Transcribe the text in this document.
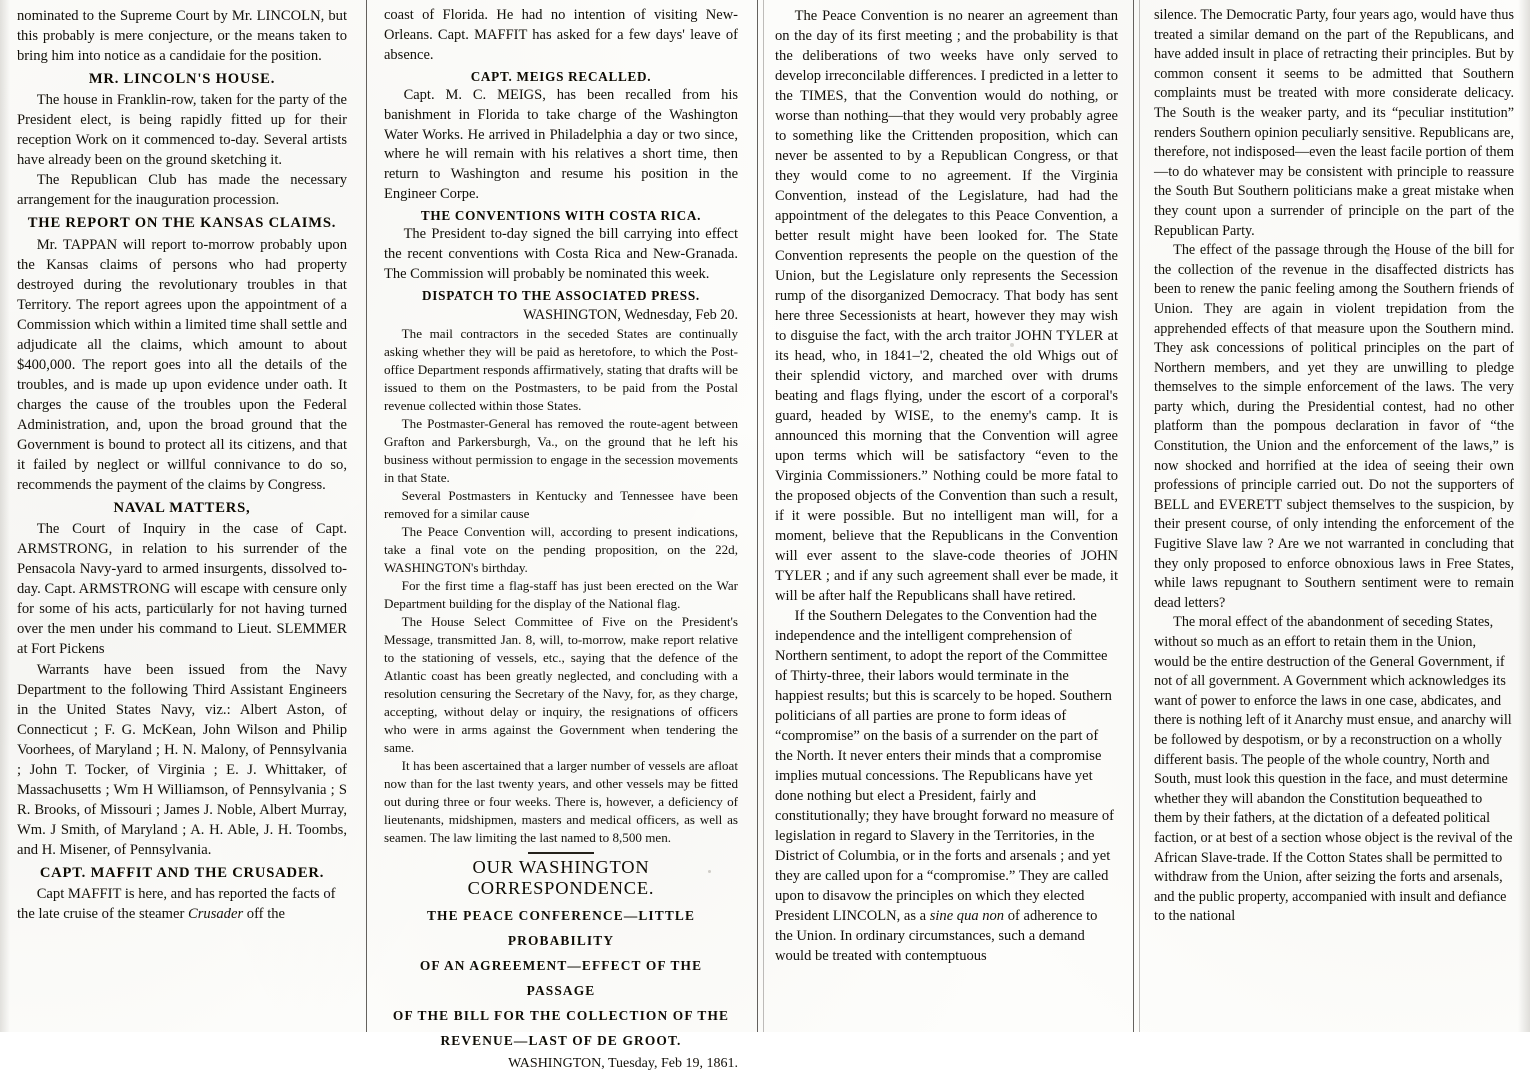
nominated to the Supreme Court by Mr. LINCOLN, but this probably is mere conjecture, or the means taken to bring him into notice as a candidaie for the position.

MR. LINCOLN'S HOUSE.

The house in Franklin-row, taken for the party of the President elect, is being rapidly fitted up for their reception Work on it commenced to-day. Several artists have already been on the ground sketching it.

The Republican Club has made the necessary arrangement for the inauguration procession.

THE REPORT ON THE KANSAS CLAIMS.

Mr. TAPPAN will report to-morrow probably upon the Kansas claims of persons who had property destroyed during the revolutionary troubles in that Territory. The report agrees upon the appointment of a Commission which within a limited time shall settle and adjudicate all the claims, which amount to about $400,000. The report goes into all the details of the troubles, and is made up upon evidence under oath. It charges the cause of the troubles upon the Federal Administration, and, upon the broad ground that the Government is bound to protect all its citizens, and that it failed by neglect or willful connivance to do so, recommends the payment of the claims by Congress.

NAVAL MATTERS,

The Court of Inquiry in the case of Capt. ARMSTRONG, in relation to his surrender of the Pensacola Navy-yard to armed insurgents, dissolved to-day. Capt. ARMSTRONG will escape with censure only for some of his acts, particularly for not having turned over the men under his command to Lieut. SLEMMER at Fort Pickens

Warrants have been issued from the Navy Department to the following Third Assistant Engineers in the United States Navy, viz.: Albert Aston, of Connecticut ; F. G. McKean, John Wilson and Philip Voorhees, of Maryland ; H. N. Malony, of Pennsylvania ; John T. Tocker, of Virginia ; E. J. Whittaker, of Massachusetts ; Wm H Williamson, of Pennsylvania ; S R. Brooks, of Missouri ; James J. Noble, Albert Murray, Wm. J Smith, of Maryland ; A. H. Able, J. H. Toombs, and H. Misener, of Pennsylvania.

CAPT. MAFFIT AND THE CRUSADER.

Capt MAFFIT is here, and has reported the facts of the late cruise of the steamer Crusader off the

coast of Florida. He had no intention of visiting New-Orleans. Capt. MAFFIT has asked for a few days' leave of absence.

CAPT. MEIGS RECALLED.

Capt. M. C. MEIGS, has been recalled from his banishment in Florida to take charge of the Washington Water Works. He arrived in Philadelphia a day or two since, where he will remain with his relatives a short time, then return to Washington and resume his position in the Engineer Corpe.

THE CONVENTIONS WITH COSTA RICA.

The President to-day signed the bill carrying into effect the recent conventions with Costa Rica and New-Granada. The Commission will probably be nominated this week.

DISPATCH TO THE ASSOCIATED PRESS.
WASHINGTON, Wednesday, Feb 20.

The mail contractors in the seceded States are continually asking whether they will be paid as heretofore, to which the Post-office Department responds affirmatively, stating that drafts will be issued to them on the Postmasters, to be paid from the Postal revenue collected within those States.

The Postmaster-General has removed the route-agent between Grafton and Parkersburgh, Va., on the ground that he left his business without permission to engage in the secession movements in that State.

Several Postmasters in Kentucky and Tennessee have been removed for a similar cause

The Peace Convention will, according to present indications, take a final vote on the pending proposition, on the 22d, WASHINGTON's birthday.

For the first time a flag-staff has just been erected on the War Department building for the display of the National flag.

The House Select Committee of Five on the President's Message, transmitted Jan. 8, will, to-morrow, make report relative to the stationing of vessels, etc., saying that the defence of the Atlantic coast has been greatly neglected, and concluding with a resolution censuring the Secretary of the Navy, for, as they charge, accepting, without delay or inquiry, the resignations of officers who were in arms against the Government when tendering the same.

It has been ascertained that a larger number of vessels are afloat now than for the last twenty years, and other vessels may be fitted out during three or four weeks. There is, however, a deficiency of lieutenants, midshipmen, masters and medical officers, as well as seamen. The law limiting the last named to 8,500 men.

OUR WASHINGTON CORRESPONDENCE.
THE PEACE CONFERENCE—LITTLE PROBABILITY
OF AN AGREEMENT—EFFECT OF THE PASSAGE
OF THE BILL FOR THE COLLECTION OF THE
REVENUE—LAST OF DE GROOT.
WASHINGTON, Tuesday, Feb 19, 1861.

The Peace Convention is no nearer an agreement than on the day of its first meeting ; and the probability is that the deliberations of two weeks have only served to develop irreconcilable differences. I predicted in a letter to the TIMES, that the Convention would do nothing, or worse than nothing—that they would very probably agree to something like the Crittenden proposition, which can never be assented to by a Republican Congress, or that they would come to no agreement. If the Virginia Convention, instead of the Legislature, had had the appointment of the delegates to this Peace Convention, a better result might have been looked for. The State Convention represents the people on the question of the Union, but the Legislature only represents the Secession rump of the disorganized Democracy. That body has sent here three Secessionists at heart, however they may wish to disguise the fact, with the arch traitor JOHN TYLER at its head, who, in 1841–'2, cheated the old Whigs out of their splendid victory, and marched over with drums beating and flags flying, under the escort of a corporal's guard, headed by WISE, to the enemy's camp. It is announced this morning that the Convention will agree upon terms which will be satisfactory “even to the Virginia Commissioners.” Nothing could be more fatal to the proposed objects of the Convention than such a result, if it were possible. But no intelligent man will, for a moment, believe that the Republicans in the Convention will ever assent to the slave-code theories of JOHN TYLER ; and if any such agreement shall ever be made, it will be after half the Republicans shall have retired.

If the Southern Delegates to the Convention had the independence and the intelligent comprehension of Northern sentiment, to adopt the report of the Committee of Thirty-three, their labors would terminate in the happiest results; but this is scarcely to be hoped. Southern politicians of all parties are prone to form ideas of “compromise” on the basis of a surrender on the part of the North. It never enters their minds that a compromise implies mutual concessions. The Republicans have yet done nothing but elect a President, fairly and constitutionally; they have brought forward no measure of legislation in regard to Slavery in the Territories, in the District of Columbia, or in the forts and arsenals ; and yet they are called upon for a “compromise.” They are called upon to disavow the principles on which they elected President LINCOLN, as a sine qua non of adherence to the Union. In ordinary circumstances, such a demand would be treated with contemptuous

silence. The Democratic Party, four years ago, would have thus treated a similar demand on the part of the Republicans, and have added insult in place of retracting their principles. But by common consent it seems to be admitted that Southern complaints must be treated with more considerate delicacy. The South is the weaker party, and its “peculiar institution” renders Southern opinion peculiarly sensitive. Republicans are, therefore, not indisposed—even the least facile portion of them—to do whatever may be consistent with principle to reassure the South But Southern politicians make a great mistake when they count upon a surrender of principle on the part of the Republican Party.

The effect of the passage through the House of the bill for the collection of the revenue in the disaffected districts has been to renew the panic feeling among the Southern friends of Union. They are again in violent trepidation from the apprehended effects of that measure upon the Southern mind. They ask concessions of political principles on the part of Northern members, and yet they are unwilling to pledge themselves to the simple enforcement of the laws. The very party which, during the Presidential contest, had no other platform than the pompous declaration in favor of “the Constitution, the Union and the enforcement of the laws,” is now shocked and horrified at the idea of seeing their own professions of principle carried out. Do not the supporters of BELL and EVERETT subject themselves to the suspicion, by their present course, of only intending the enforcement of the Fugitive Slave law ? Are we not warranted in concluding that they only proposed to enforce obnoxious laws in Free States, while laws repugnant to Southern sentiment were to remain dead letters?

The moral effect of the abandonment of seceding States, without so much as an effort to retain them in the Union, would be the entire destruction of the General Government, if not of all government. A Government which acknowledges its want of power to enforce the laws in one case, abdicates, and there is nothing left of it Anarchy must ensue, and anarchy will be followed by despotism, or by a reconstruction on a wholly different basis. The people of the whole country, North and South, must look this question in the face, and must determine whether they will abandon the Constitution bequeathed to them by their fathers, at the dictation of a defeated political faction, or at best of a section whose object is the revival of the African Slave-trade. If the Cotton States shall be permitted to withdraw from the Union, after seizing the forts and arsenals, and the public property, accompanied with insult and defiance to the national
